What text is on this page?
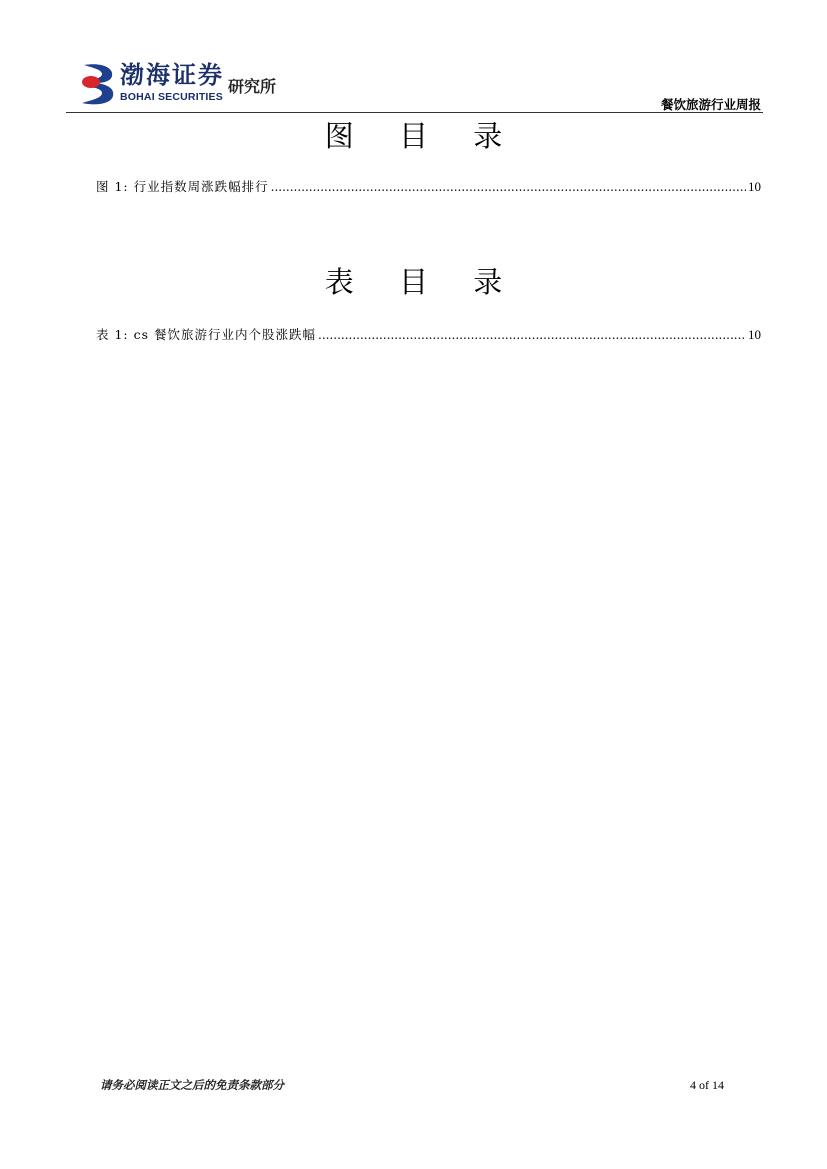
渤海证券
BOHAI SECURITIES
研究所
餐饮旅游行业周报
图 目 录
图 1: 行业指数周涨跌幅排行 .....	10
表 目 录
表 1: cs 餐饮旅游行业内个股涨跌幅 .....	10
请务必阅读正文之后的免责条款部分	4 of 14
